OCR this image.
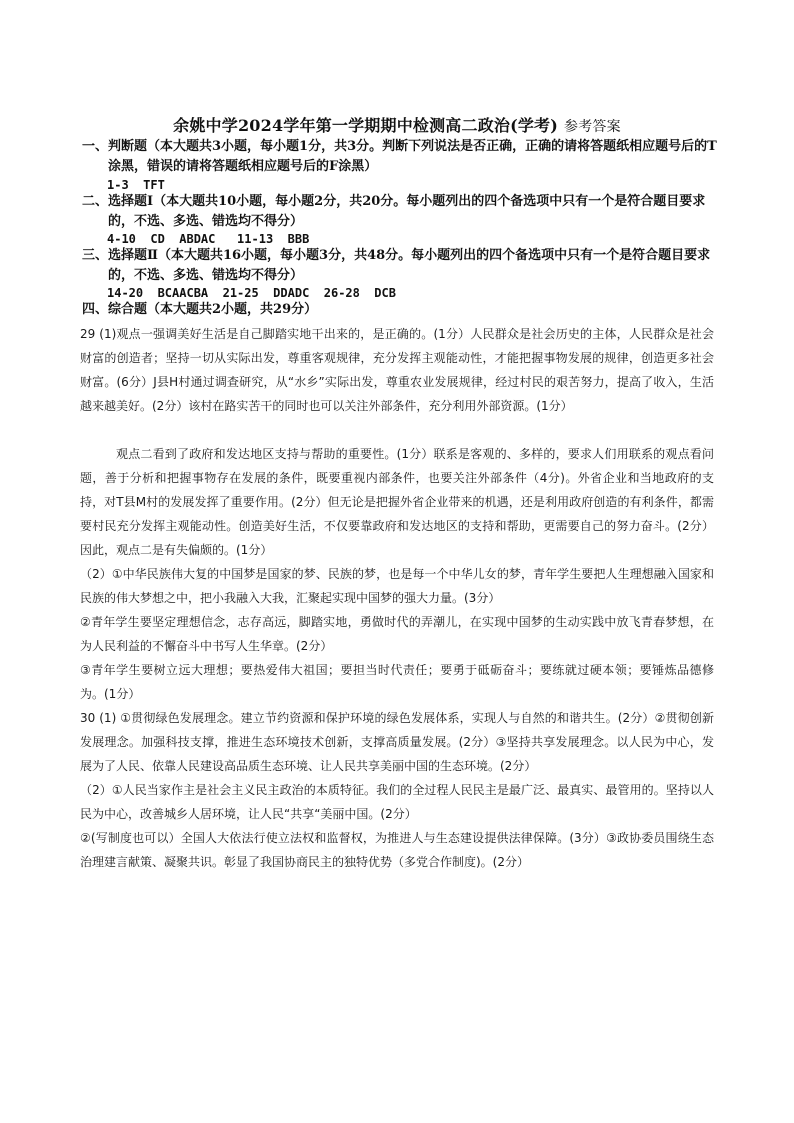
余姚中学2024学年第一学期期中检测高二政治(学考) 参考答案
一、 判断题（本大题共3小题，每小题1分，共3分。判断下列说法是否正确，正确的请将答题纸相应题号后的T涂黑，错误的请将答题纸相应题号后的F涂黑）
1-3  TFT
二、 选择题Ⅰ（本大题共10小题，每小题2分，共20分。每小题列出的四个备选项中只有一个是符合题目要求的，不选、多选、错选均不得分）
4-10  CD  ABDAC   11-13  BBB
三、 选择题Ⅱ（本大题共16小题，每小题3分，共48分。每小题列出的四个备选项中只有一个是符合题目要求的，不选、多选、错选均不得分）
14-20  BCAACBA  21-25  DDADC  26-28  DCB
四、 综合题（本大题共2小题，共29分）
29 (1)观点一强调美好生活是自己脚踏实地干出来的，是正确的。(1分）人民群众是社会历史的主体，人民群众是社会财富的创造者；坚持一切从实际出发，尊重客观规律，充分发挥主观能动性，才能把握事物发展的规律，创造更多社会财富。(6分）J县H村通过调查研究，从“水乡”实际出发，尊重农业发展规律，经过村民的艰苦努力，提高了收入，生活越来越美好。(2分）该村在路实苦干的同时也可以关注外部条件，充分利用外部资源。(1分）
观点二看到了政府和发达地区支持与帮助的重要性。(1分）联系是客观的、多样的，要求人们用联系的观点看问题，善于分析和把握事物存在发展的条件，既要重视内部条件，也要关注外部条件（4分)。外省企业和当地政府的支持，对T县M村的发展发挥了重要作用。(2分）但无论是把握外省企业带来的机遇，还是利用政府创造的有利条件，都需要村民充分发挥主观能动性。创造美好生活，不仅要靠政府和发达地区的支持和帮助，更需要自己的努力奋斗。(2分）因此，观点二是有失偏颇的。(1分）
（2）①中华民族伟大复的中国梦是国家的梦、民族的梦，也是每一个中华儿女的梦，青年学生要把人生理想融入国家和民族的伟大梦想之中，把小我融入大我，汇聚起实现中国梦的强大力量。(3分）
②青年学生要坚定理想信念，志存高远，脚踏实地，勇做时代的弄潮儿，在实现中国梦的生动实践中放飞青春梦想，在为人民利益的不懈奋斗中书写人生华章。(2分）
③青年学生要树立远大理想；要热爱伟大祖国；要担当时代责任；要勇于砥砺奋斗；要练就过硬本领；要锤炼品德修为。(1分）
30 (1) ①贯彻绿色发展理念。建立节约资源和保护环境的绿色发展体系，实现人与自然的和谐共生。(2分）②贯彻创新发展理念。加强科技支撑，推进生态环境技术创新，支撑高质量发展。(2分）③坚持共享发展理念。以人民为中心，发展为了人民、依靠人民建设高品质生态环境、让人民共享美丽中国的生态环境。(2分）
（2）①人民当家作主是社会主义民主政治的本质特征。我们的全过程人民民主是最广泛、最真实、最管用的。坚持以人民为中心，改善城乡人居环境，让人民“共享“美丽中国。(2分）
②(写制度也可以）全国人大依法行使立法权和监督权，为推进人与生态建设提供法律保障。(3分）③政协委员围绕生态治理建言献策、凝聚共识。彰显了我国协商民主的独特优势（多党合作制度)。(2分）
